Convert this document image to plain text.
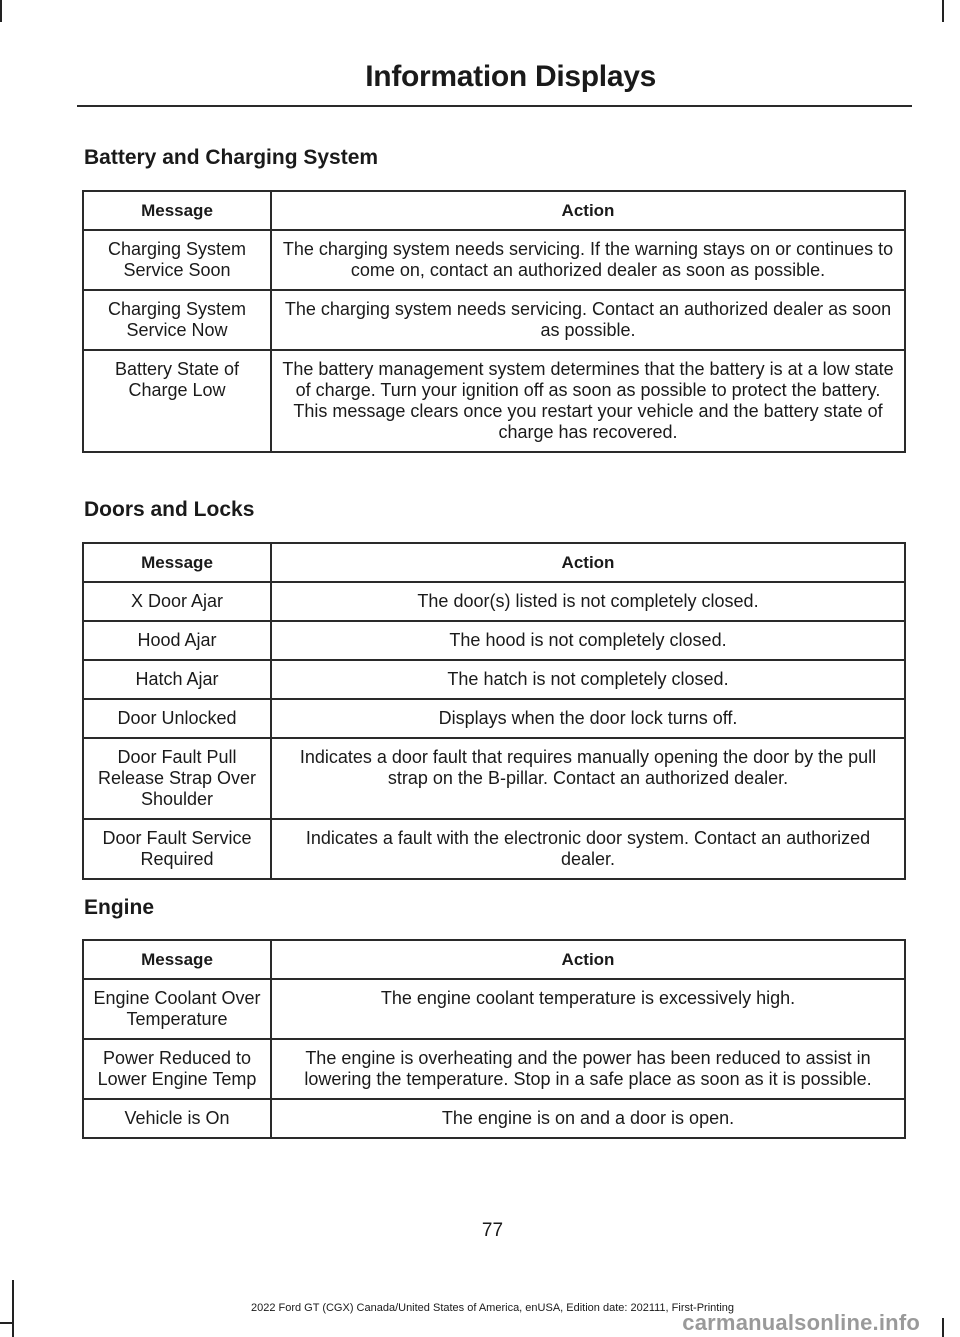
Information Displays
Battery and Charging System
Message	Action
Charging System Service Soon	The charging system needs servicing. If the warning stays on or continues to come on, contact an authorized dealer as soon as possible.
Charging System Service Now	The charging system needs servicing. Contact an authorized dealer as soon as possible.
Battery State of Charge Low	The battery management system determines that the battery is at a low state of charge. Turn your ignition off as soon as possible to protect the battery. This message clears once you restart your vehicle and the battery state of charge has recovered.
Doors and Locks
Message	Action
X Door Ajar	The door(s) listed is not completely closed.
Hood Ajar	The hood is not completely closed.
Hatch Ajar	The hatch is not completely closed.
Door Unlocked	Displays when the door lock turns off.
Door Fault Pull Release Strap Over Shoulder	Indicates a door fault that requires manually opening the door by the pull strap on the B-pillar. Contact an authorized dealer.
Door Fault Service Required	Indicates a fault with the electronic door system. Contact an authorized dealer.
Engine
Message	Action
Engine Coolant Over Temperature	The engine coolant temperature is excessively high.
Power Reduced to Lower Engine Temp	The engine is overheating and the power has been reduced to assist in lowering the temperature. Stop in a safe place as soon as it is possible.
Vehicle is On	The engine is on and a door is open.
77
2022 Ford GT (CGX) Canada/United States of America, enUSA, Edition date: 202111, First-Printing
carmanualsonline.info
